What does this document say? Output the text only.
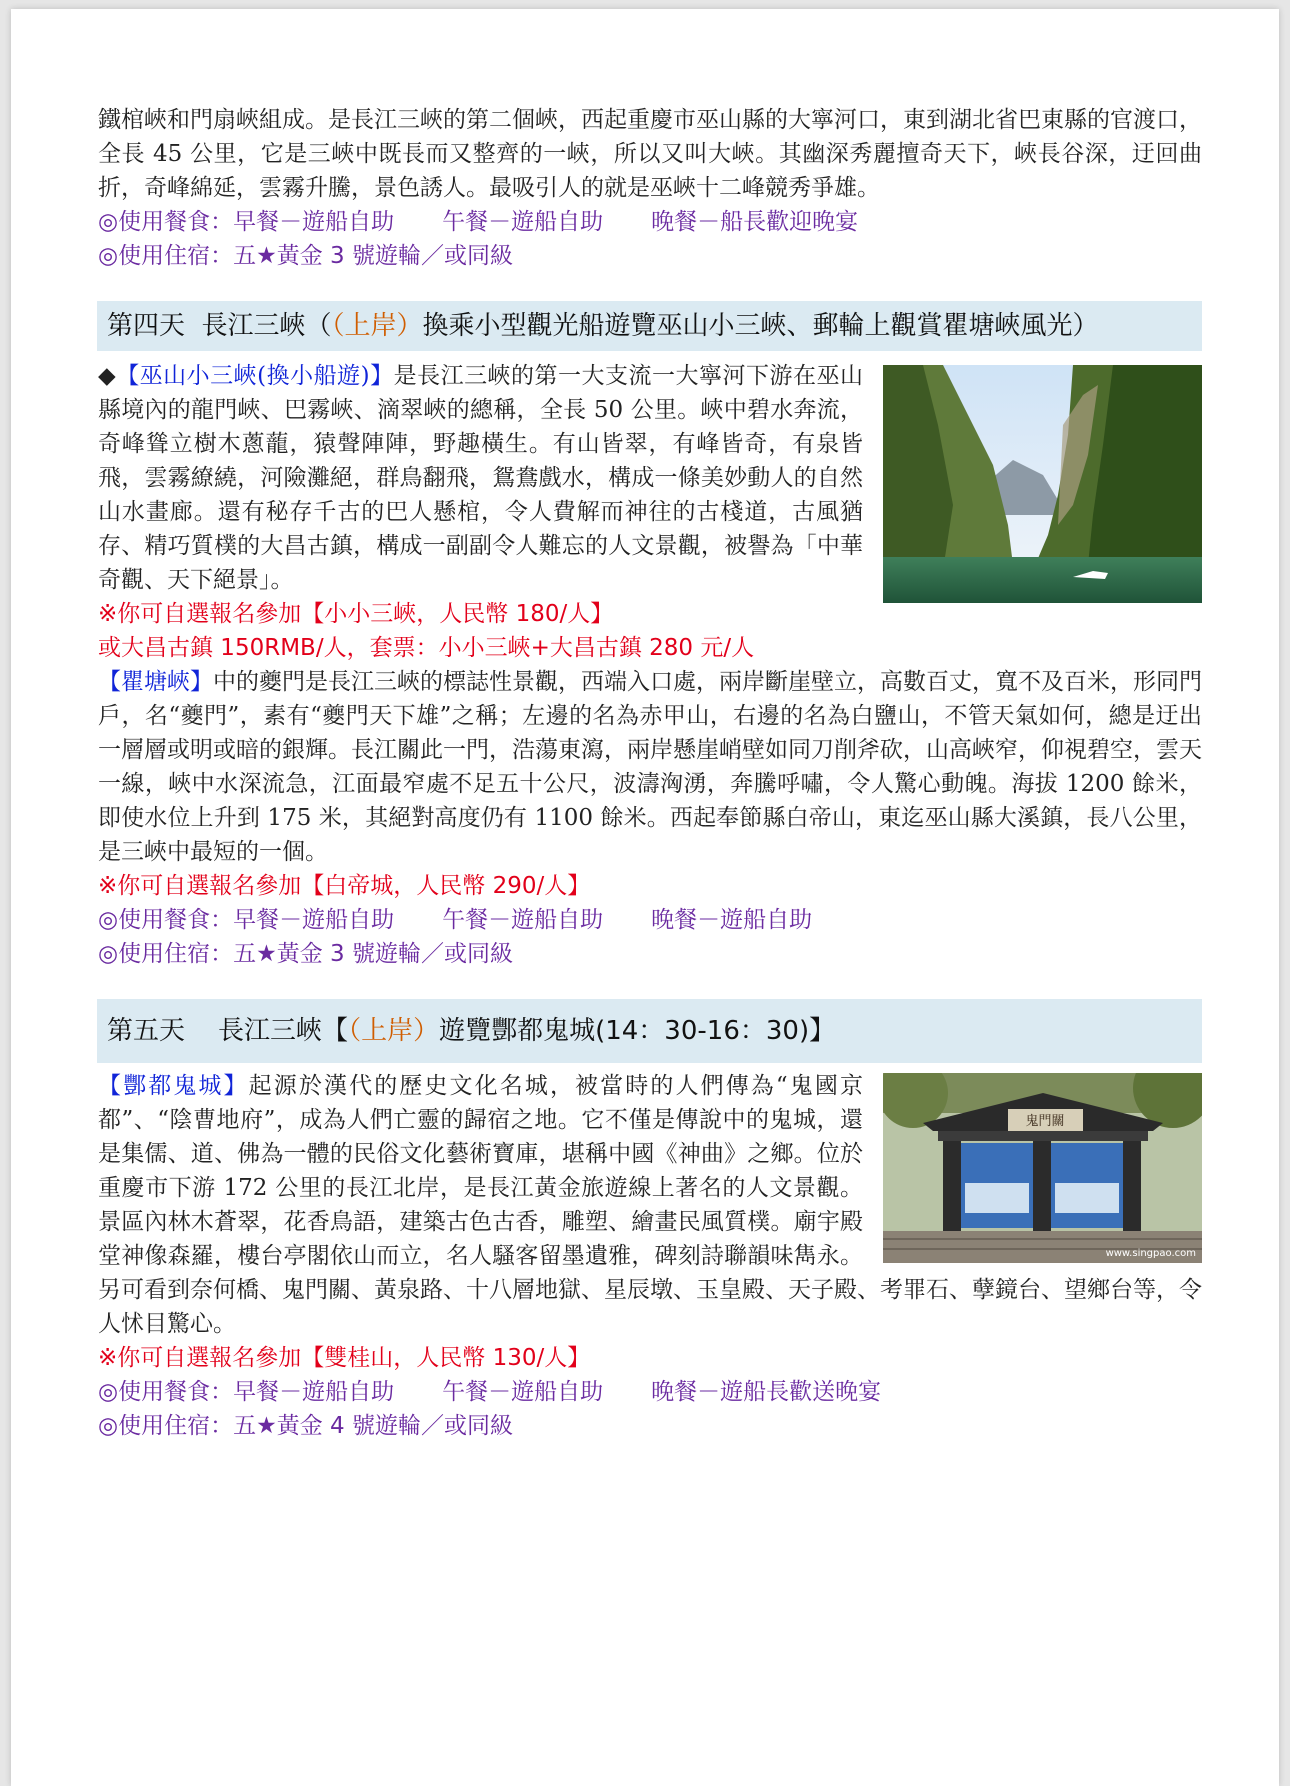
鐵棺峽和門扇峽組成。是長江三峽的第二個峽，西起重慶市巫山縣的大寧河口，東到湖北省巴東縣的官渡口，全長 45 公里，它是三峽中既長而又整齊的一峽，所以又叫大峽。其幽深秀麗擅奇天下，峽長谷深，迂回曲折，奇峰綿延，雲霧升騰，景色誘人。最吸引人的就是巫峽十二峰競秀爭雄。

◎使用餐食：早餐－遊船自助 午餐－遊船自助 晚餐－船長歡迎晚宴

◎使用住宿：五★黃金 3 號遊輪／或同級

第四天  長江三峽（（上岸）換乘小型觀光船遊覽巫山小三峽、郵輪上觀賞瞿塘峽風光）

◆【巫山小三峽(換小船遊)】是長江三峽的第一大支流一大寧河下游在巫山縣境內的龍門峽、巴霧峽、滴翠峽的總稱，全長 50 公里。峽中碧水奔流，奇峰聳立樹木蔥蘢，猿聲陣陣，野趣橫生。有山皆翠，有峰皆奇，有泉皆飛，雲霧繚繞，河險灘絕，群鳥翻飛，鴛鴦戲水，構成一條美妙動人的自然山水畫廊。還有秘存千古的巴人懸棺，令人費解而神往的古棧道，古風猶存、精巧質樸的大昌古鎮，構成一副副令人難忘的人文景觀，被譽為「中華奇觀、天下絕景」。

※你可自選報名參加【小小三峽，人民幣 180/人】

或大昌古鎮 150RMB/人，套票：小小三峽+大昌古鎮 280 元/人

【瞿塘峽】中的夔門是長江三峽的標誌性景觀，西端入口處，兩岸斷崖壁立，高數百丈，寬不及百米，形同門戶，名“夔門”，素有“夔門天下雄”之稱；左邊的名為赤甲山，右邊的名為白鹽山，不管天氣如何，總是迂出一層層或明或暗的銀輝。長江關此一門，浩蕩東瀉，兩岸懸崖峭壁如同刀削斧砍，山高峽窄，仰視碧空，雲天一線，峽中水深流急，江面最窄處不足五十公尺，波濤洶湧，奔騰呼嘯，令人驚心動魄。海拔 1200 餘米，即使水位上升到 175 米，其絕對高度仍有 1100 餘米。西起奉節縣白帝山，東迄巫山縣大溪鎮，長八公里，是三峽中最短的一個。

※你可自選報名參加【白帝城，人民幣 290/人】

◎使用餐食：早餐－遊船自助 午餐－遊船自助 晚餐－遊船自助

◎使用住宿：五★黃金 3 號遊輪／或同級

第五天    長江三峽【（上岸）遊覽酆都鬼城(14：30-16：30)】
鬼門關
www.singpao.com

【酆都鬼城】起源於漢代的歷史文化名城，被當時的人們傳為“鬼國京都”、“陰曹地府”，成為人們亡靈的歸宿之地。它不僅是傳說中的鬼城，還是集儒、道、佛為一體的民俗文化藝術寶庫，堪稱中國《神曲》之鄉。位於重慶市下游 172 公里的長江北岸，是長江黃金旅遊線上著名的人文景觀。景區內林木蒼翠，花香鳥語，建築古色古香，雕塑、繪畫民風質樸。廟宇殿堂神像森羅，樓台亭閣依山而立，名人騷客留墨遺雅，碑刻詩聯韻味雋永。另可看到奈何橋、鬼門關、黃泉路、十八層地獄、星辰墩、玉皇殿、天子殿、考罪石、孽鏡台、望鄉台等，令人怵目驚心。

※你可自選報名參加【雙桂山，人民幣 130/人】

◎使用餐食：早餐－遊船自助 午餐－遊船自助 晚餐－遊船長歡送晚宴

◎使用住宿：五★黃金 4 號遊輪／或同級
